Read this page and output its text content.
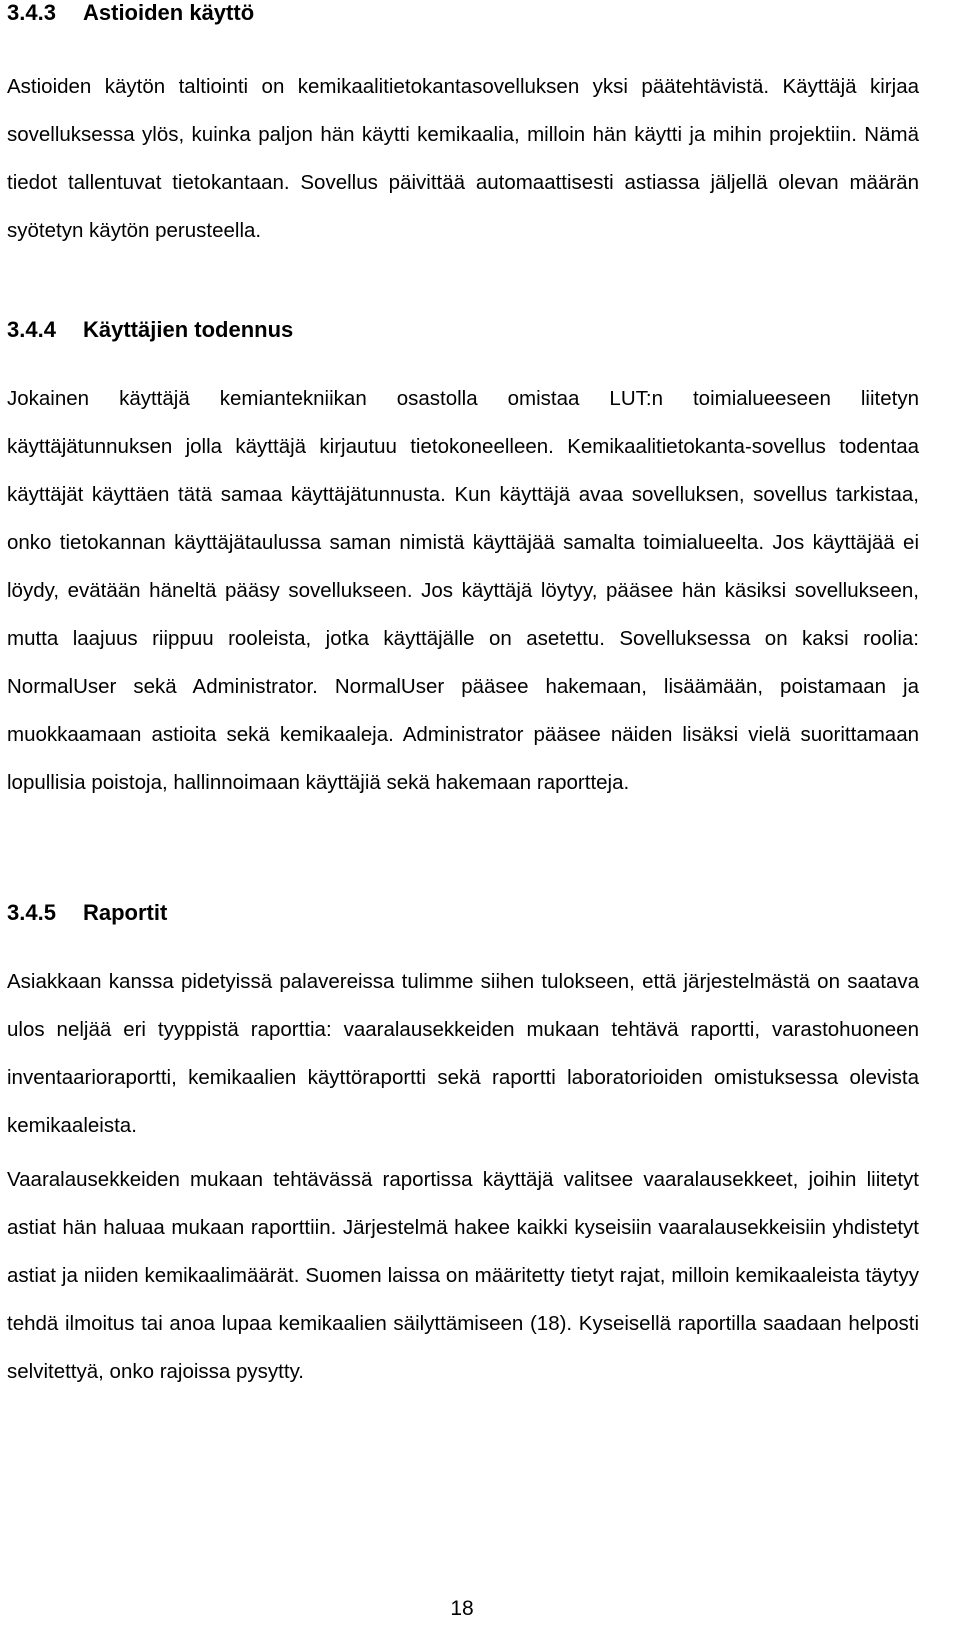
3.4.3 Astioiden käyttö

Astioiden käytön taltiointi on kemikaalitietokantasovelluksen yksi päätehtävistä. Käyttäjä kirjaa sovelluksessa ylös, kuinka paljon hän käytti kemikaalia, milloin hän käytti ja mihin projektiin. Nämä tiedot tallentuvat tietokantaan. Sovellus päivittää automaattisesti astiassa jäljellä olevan määrän syötetyn käytön perusteella.

3.4.4 Käyttäjien todennus

Jokainen käyttäjä kemiantekniikan osastolla omistaa LUT:n toimialueeseen liitetyn käyttäjätunnuksen jolla käyttäjä kirjautuu tietokoneelleen. Kemikaalitietokanta-sovellus todentaa käyttäjät käyttäen tätä samaa käyttäjätunnusta. Kun käyttäjä avaa sovelluksen, sovellus tarkistaa, onko tietokannan käyttäjätaulussa saman nimistä käyttäjää samalta toimialueelta. Jos käyttäjää ei löydy, evätään häneltä pääsy sovellukseen. Jos käyttäjä löytyy, pääsee hän käsiksi sovellukseen, mutta laajuus riippuu rooleista, jotka käyttäjälle on asetettu. Sovelluksessa on kaksi roolia: NormalUser sekä Administrator. NormalUser pääsee hakemaan, lisäämään, poistamaan ja muokkaamaan astioita sekä kemikaaleja. Administrator pääsee näiden lisäksi vielä suorittamaan lopullisia poistoja, hallinnoimaan käyttäjiä sekä hakemaan raportteja.

3.4.5 Raportit

Asiakkaan kanssa pidetyissä palavereissa tulimme siihen tulokseen, että järjestelmästä on saatava ulos neljää eri tyyppistä raporttia: vaaralausekkeiden mukaan tehtävä raportti, varastohuoneen inventaarioraportti, kemikaalien käyttöraportti sekä raportti laboratorioiden omistuksessa olevista kemikaaleista.

Vaaralausekkeiden mukaan tehtävässä raportissa käyttäjä valitsee vaaralausekkeet, joihin liitetyt astiat hän haluaa mukaan raporttiin. Järjestelmä hakee kaikki kyseisiin vaaralausekkeisiin yhdistetyt astiat ja niiden kemikaalimäärät. Suomen laissa on määritetty tietyt rajat, milloin kemikaaleista täytyy tehdä ilmoitus tai anoa lupaa kemikaalien säilyttämiseen (18). Kyseisellä raportilla saadaan helposti selvitettyä, onko rajoissa pysytty.

18
